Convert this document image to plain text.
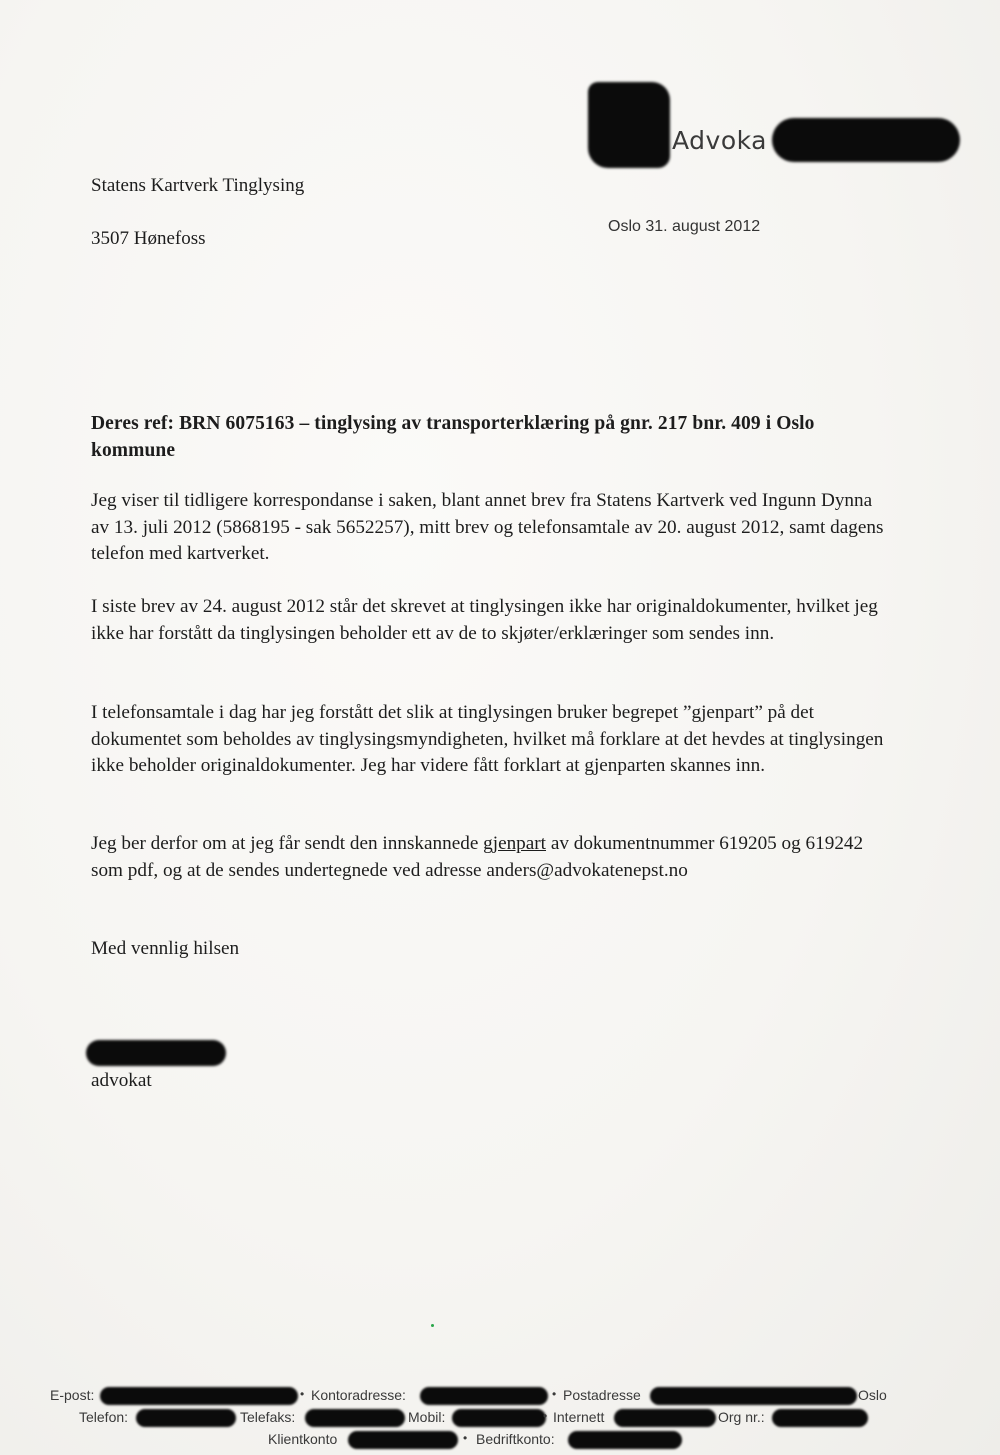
Advoka
Statens Kartverk Tinglysing
3507 Hønefoss
Oslo 31. august 2012
Deres ref: BRN 6075163 – tinglysing av transporterklæring på gnr. 217 bnr. 409 i Oslo kommune
Jeg viser til tidligere korrespondanse i saken, blant annet brev fra Statens Kartverk ved Ingunn Dynna av 13. juli 2012 (5868195 - sak 5652257), mitt brev og telefonsamtale av 20. august 2012, samt dagens telefon med kartverket.
I siste brev av 24. august 2012 står det skrevet at tinglysingen ikke har originaldokumenter, hvilket jeg ikke har forstått da tinglysingen beholder ett av de to skjøter/erklæringer som sendes inn.
I telefonsamtale i dag har jeg forstått det slik at tinglysingen bruker begrepet ”gjenpart” på det dokumentet som beholdes av tinglysingsmyndigheten, hvilket må forklare at det hevdes at tinglysingen ikke beholder originaldokumenter. Jeg har videre fått forklart at gjenparten skannes inn.
Jeg ber derfor om at jeg får sendt den innskannede gjenpart av dokumentnummer 619205 og 619242 som pdf, og at de sendes undertegnede ved adresse anders@advokatenepst.no
Med vennlig hilsen
advokat
E-post:	• Kontoradresse:	• Postadresse	Oslo
Telefon:	Telefaks:	Mobil:	• Internett	Org nr.:
Klientkonto	• Bedriftkonto:
